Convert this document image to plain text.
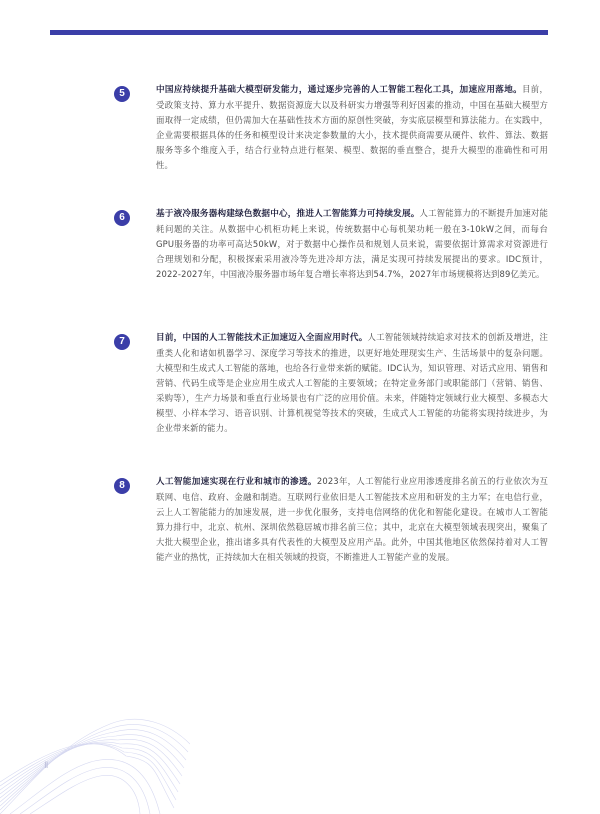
5	中国应持续提升基础大模型研发能力，通过逐步完善的人工智能工程化工具，加速应用落地。目前，受政策支持、算力水平提升、数据资源庞大以及科研实力增强等利好因素的推动，中国在基础大模型方面取得一定成绩，但仍需加大在基础性技术方面的原创性突破，夯实底层模型和算法能力。在实践中，企业需要根据具体的任务和模型设计来决定参数量的大小，技术提供商需要从硬件、软件、算法、数据服务等多个维度入手，结合行业特点进行框架、模型、数据的垂直整合，提升大模型的准确性和可用性。

6	基于液冷服务器构建绿色数据中心，推进人工智能算力可持续发展。人工智能算力的不断提升加速对能耗问题的关注。从数据中心机柜功耗上来说，传统数据中心每机架功耗一般在3-10kW之间，而每台GPU服务器的功率可高达50kW，对于数据中心操作员和规划人员来说，需要依据计算需求对资源进行合理规划和分配，积极探索采用液冷等先进冷却方法，满足实现可持续发展提出的要求。IDC预计，2022-2027年，中国液冷服务器市场年复合增长率将达到54.7%，2027年市场规模将达到89亿美元。

7	目前，中国的人工智能技术正加速迈入全面应用时代。人工智能领域持续追求对技术的创新及增进，注重类人化和诸如机器学习、深度学习等技术的推进，以更好地处理现实生产、生活场景中的复杂问题。大模型和生成式人工智能的落地，也给各行业带来新的赋能。IDC认为，知识管理、对话式应用、销售和营销、代码生成等是企业应用生成式人工智能的主要领域；在特定业务部门或职能部门（营销、销售、采购等），生产力场景和垂直行业场景也有广泛的应用价值。未来，伴随特定领域行业大模型、多模态大模型、小样本学习、语音识别、计算机视觉等技术的突破，生成式人工智能的功能将实现持续进步，为企业带来新的能力。

8	人工智能加速实现在行业和城市的渗透。2023年，人工智能行业应用渗透度排名前五的行业依次为互联网、电信、政府、金融和制造。互联网行业依旧是人工智能技术应用和研发的主力军；在电信行业，云上人工智能能力的加速发展，进一步优化服务，支持电信网络的优化和智能化建设。在城市人工智能算力排行中，北京、杭州、深圳依然稳居城市排名前三位；其中，北京在大模型领域表现突出，聚集了大批大模型企业，推出诸多具有代表性的大模型及应用产品。此外，中国其他地区依然保持着对人工智能产业的热忱，正持续加大在相关领域的投资，不断推进人工智能产业的发展。

Ⅱ
